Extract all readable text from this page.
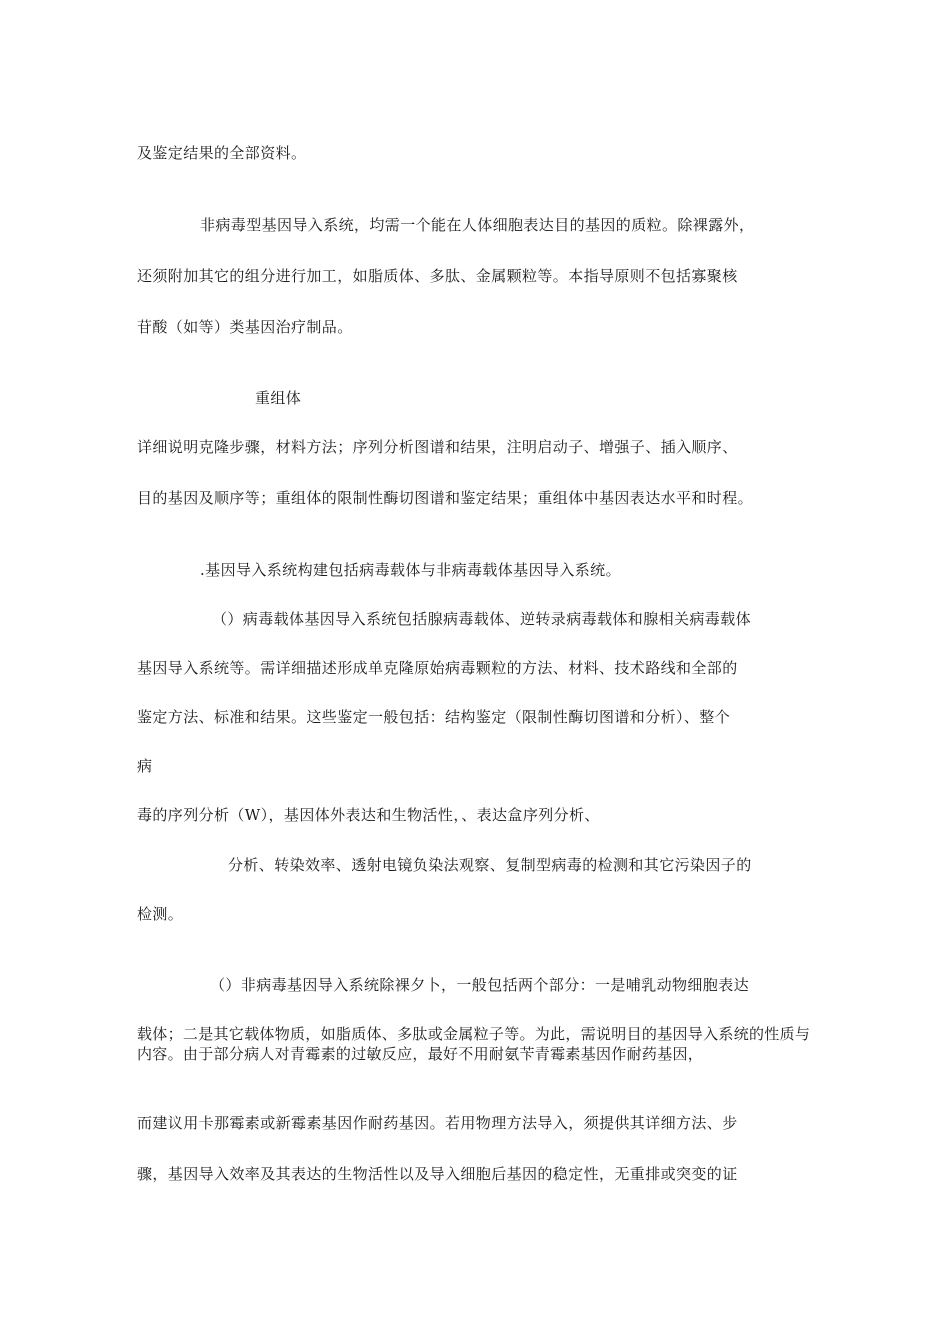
及鉴定结果的全部资料。
非病毒型基因导入系统，均需一个能在人体细胞表达目的基因的质粒。除裸露外，
还须附加其它的组分进行加工，如脂质体、多肽、金属颗粒等。本指导原则不包括寡聚核
苷酸（如等）类基因治疗制品。
重组体
详细说明克隆步骤，材料方法；序列分析图谱和结果，注明启动子、增强子、插入顺序、
目的基因及顺序等；重组体的限制性酶切图谱和鉴定结果；重组体中基因表达水平和时程。
.基因导入系统构建包括病毒载体与非病毒载体基因导入系统。
（）病毒载体基因导入系统包括腺病毒载体、逆转录病毒载体和腺相关病毒载体
基因导入系统等。需详细描述形成单克隆原始病毒颗粒的方法、材料、技术路线和全部的
鉴定方法、标准和结果。这些鉴定一般包括：结构鉴定（限制性酶切图谱和分析）、整个
病
毒的序列分析（W），基因体外表达和生物活性，、表达盒序列分析、
分析、转染效率、透射电镜负染法观察、复制型病毒的检测和其它污染因子的
检测。
（）非病毒基因导入系统除裸夕卜，一般包括两个部分：一是哺乳动物细胞表达
载体；二是其它载体物质，如脂质体、多肽或金属粒子等。为此，需说明目的基因导入系统的性质与内容。由于部分病人对青霉素的过敏反应，最好不用耐氨苄青霉素基因作耐药基因，
而建议用卡那霉素或新霉素基因作耐药基因。若用物理方法导入，须提供其详细方法、步
骤，基因导入效率及其表达的生物活性以及导入细胞后基因的稳定性，无重排或突变的证
